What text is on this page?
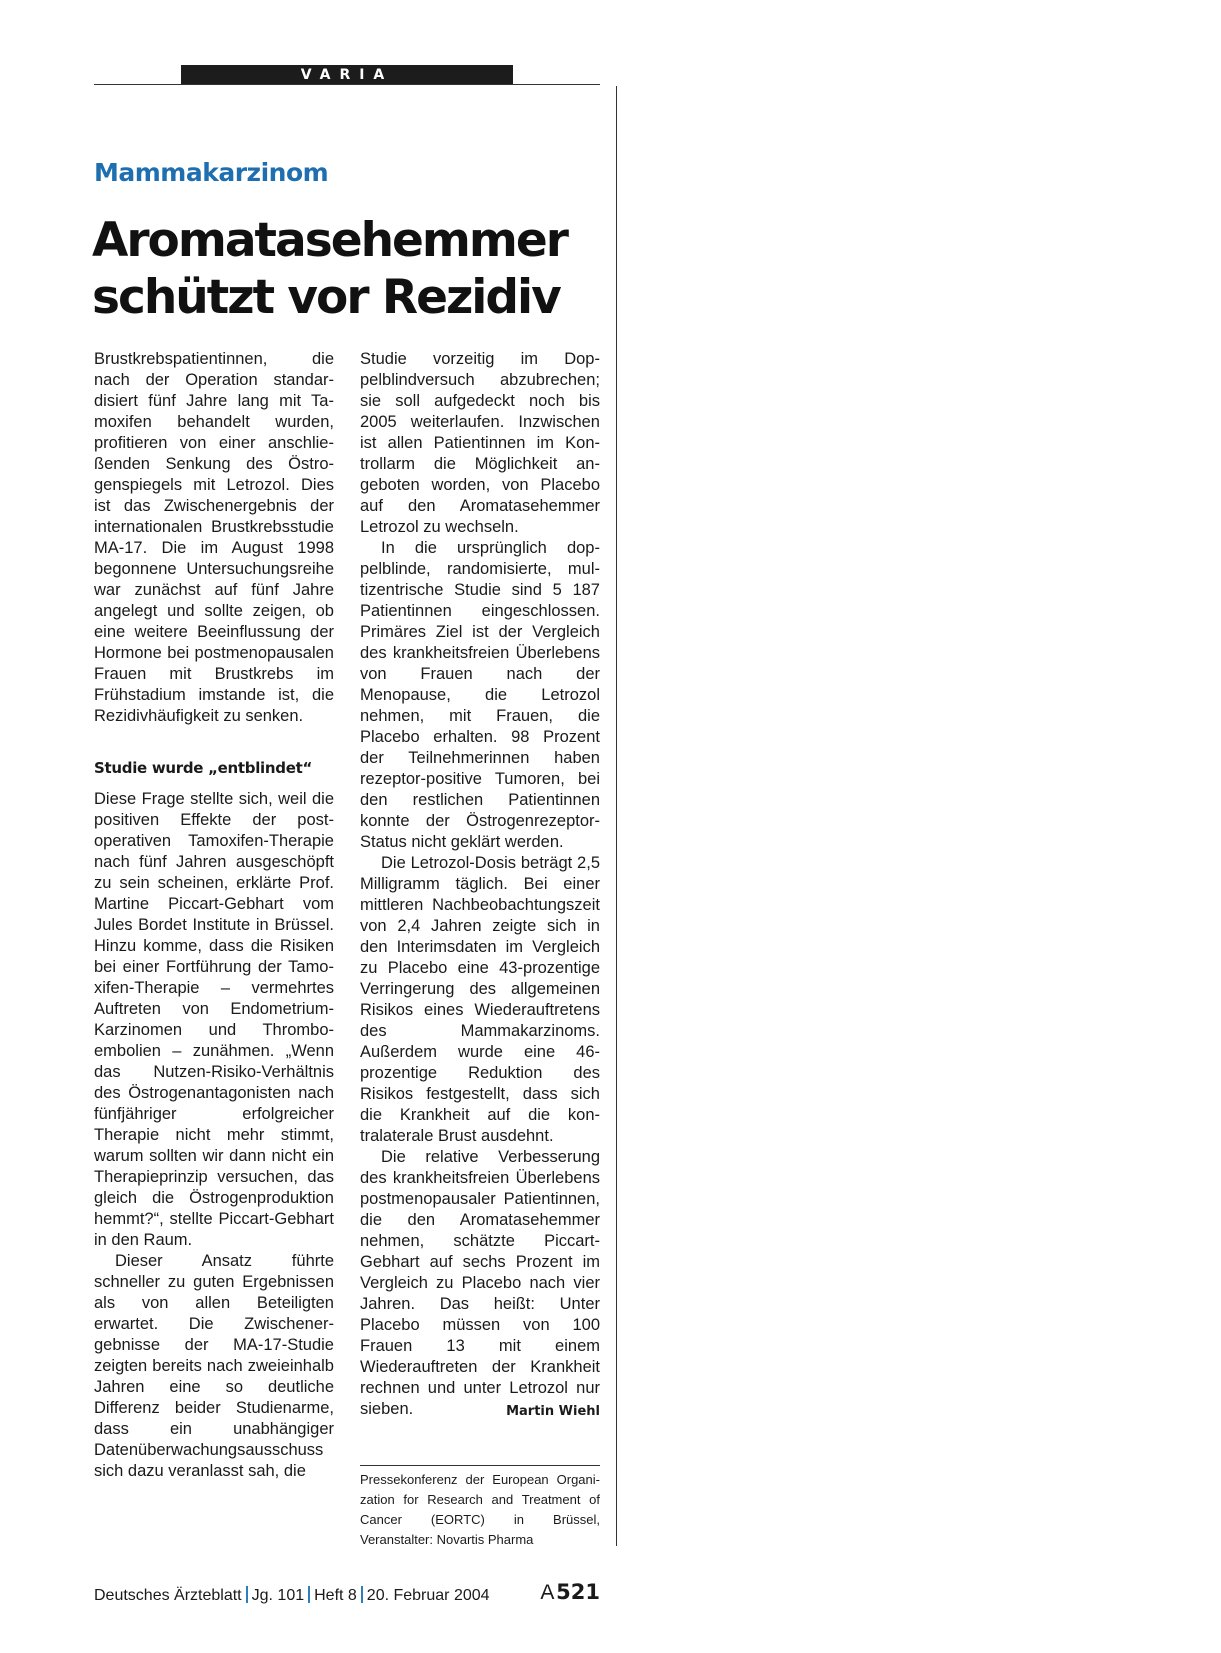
VARIA
Mammakarzinom
Aromatasehemmer schützt vor Rezidiv

Brustkrebspatientinnen, die nach der Operation standardisiert fünf Jahre lang mit Tamoxifen behandelt wurden, profitieren von einer anschließenden Senkung des Östrogenspiegels mit Letrozol. Dies ist das Zwischenergebnis der internationalen Brustkrebsstudie MA-17. Die im August 1998 begonnene Untersuchungsreihe war zunächst auf fünf Jahre angelegt und sollte zeigen, ob eine weitere Beeinflussung der Hormone bei postmenopausalen Frauen mit Brustkrebs im Frühstadium imstande ist, die Rezidivhäufigkeit zu senken.

Studie wurde „entblindet“

Diese Frage stellte sich, weil die positiven Effekte der postoperativen Tamoxifen-Therapie nach fünf Jahren ausgeschöpft zu sein scheinen, erklärte Prof. Martine Piccart-Gebhart vom Jules Bordet Institute in Brüssel. Hinzu komme, dass die Risiken bei einer Fortführung der Tamoxifen-Therapie – vermehrtes Auftreten von Endometrium-Karzinomen und Thromboembolien – zunähmen. „Wenn das Nutzen-Risiko-Verhältnis des Östrogenantagonisten nach fünfjähriger erfolgreicher Therapie nicht mehr stimmt, warum sollten wir dann nicht ein Therapieprinzip versuchen, das gleich die Östrogenproduktion hemmt?“, stellte Piccart-Gebhart in den Raum.

Dieser Ansatz führte schneller zu guten Ergebnissen als von allen Beteiligten erwartet. Die Zwischenergebnisse der MA-17-Studie zeigten bereits nach zweieinhalb Jahren eine so deutliche Differenz beider Studienarme, dass ein unabhängiger Datenüberwachungsausschuss sich dazu veranlasst sah, die

Studie vorzeitig im Doppelblindversuch abzubrechen; sie soll aufgedeckt noch bis 2005 weiterlaufen. Inzwischen ist allen Patientinnen im Kontrollarm die Möglichkeit angeboten worden, von Placebo auf den Aromatasehemmer Letrozol zu wechseln.

In die ursprünglich doppelblinde, randomisierte, multizentrische Studie sind 5 187 Patientinnen eingeschlossen. Primäres Ziel ist der Vergleich des krankheitsfreien Überlebens von Frauen nach der Menopause, die Letrozol nehmen, mit Frauen, die Placebo erhalten. 98 Prozent der Teilnehmerinnen haben rezeptor-positive Tumoren, bei den restlichen Patientinnen konnte der Östrogenrezeptor-Status nicht geklärt werden.

Die Letrozol-Dosis beträgt 2,5 Milligramm täglich. Bei einer mittleren Nachbeobachtungszeit von 2,4 Jahren zeigte sich in den Interimsdaten im Vergleich zu Placebo eine 43-prozentige Verringerung des allgemeinen Risikos eines Wiederauftretens des Mammakarzinoms. Außerdem wurde eine 46-prozentige Reduktion des Risikos festgestellt, dass sich die Krankheit auf die kontralaterale Brust ausdehnt.

Die relative Verbesserung des krankheitsfreien Überlebens postmenopausaler Patientinnen, die den Aromatasehemmer nehmen, schätzte Piccart-Gebhart auf sechs Prozent im Vergleich zu Placebo nach vier Jahren. Das heißt: Unter Placebo müssen von 100 Frauen 13 mit einem Wiederauftreten der Krankheit rechnen und unter Letrozol nur sieben.	Martin Wiehl

Pressekonferenz der European Organization for Research and Treatment of Cancer (EORTC) in Brüssel, Veranstalter: Novartis Pharma
Deutsches Ärzteblatt Jg. 101 Heft 8 20. Februar 2004 A 521
